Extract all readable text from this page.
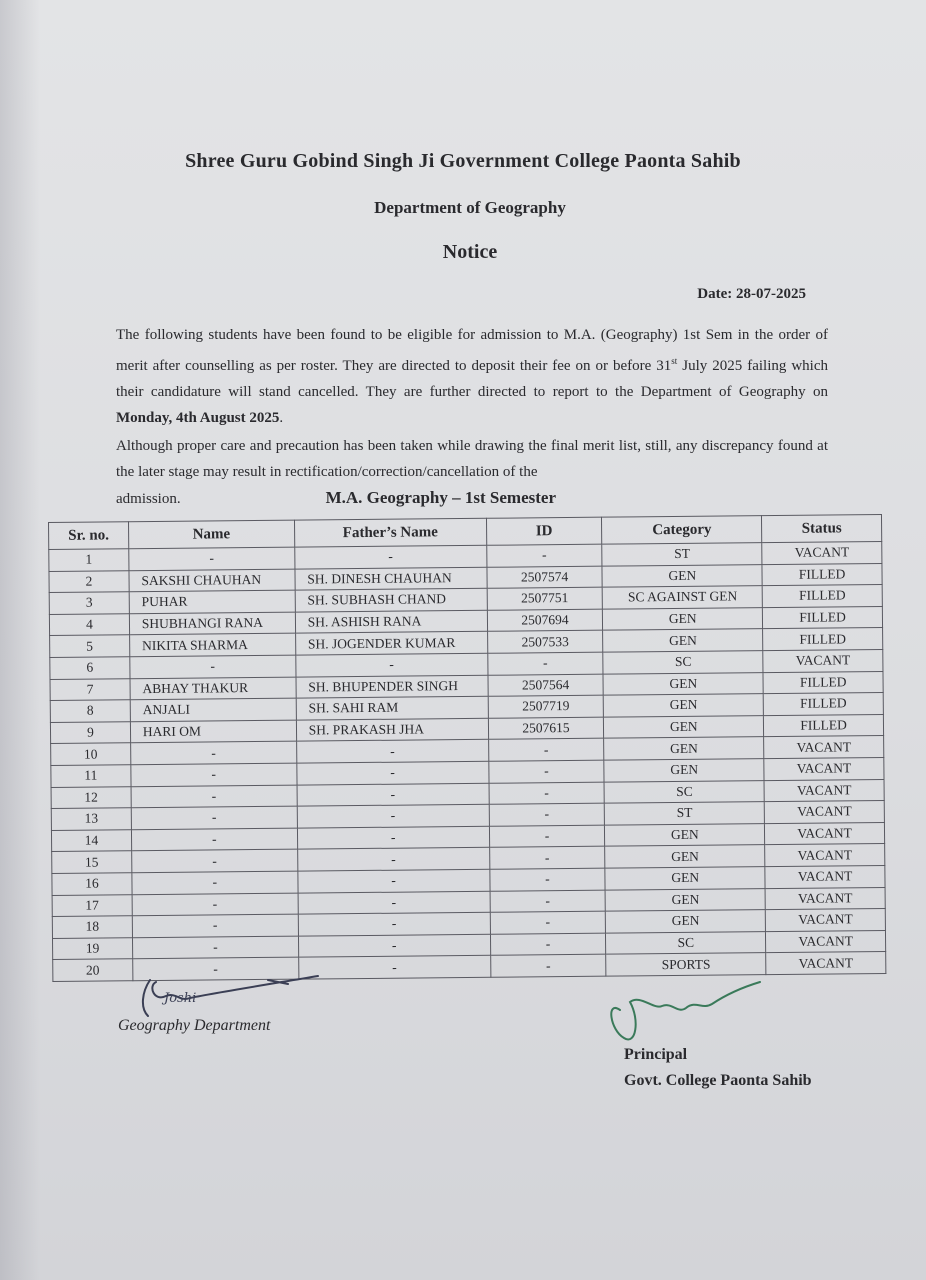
Shree Guru Gobind Singh Ji Government College Paonta Sahib
Department of Geography
Notice
Date: 28-07-2025
The following students have been found to be eligible for admission to M.A. (Geography) 1st Sem in the order of merit after counselling as per roster. They are directed to deposit their fee on or before 31st July 2025 failing which their candidature will stand cancelled. They are further directed to report to the Department of Geography on Monday, 4th August 2025.
Although proper care and precaution has been taken while drawing the final merit list, still, any discrepancy found at the later stage may result in rectification/correction/cancellation of the
admission.	M.A. Geography – 1st Semester
Sr. no.	Name	Father’s Name	ID	Category	Status
1	-	-	-	ST	VACANT
2	SAKSHI CHAUHAN	SH. DINESH CHAUHAN	2507574	GEN	FILLED
3	PUHAR	SH. SUBHASH CHAND	2507751	SC AGAINST GEN	FILLED
4	SHUBHANGI RANA	SH. ASHISH RANA	2507694	GEN	FILLED
5	NIKITA SHARMA	SH. JOGENDER KUMAR	2507533	GEN	FILLED
6	-	-	-	SC	VACANT
7	ABHAY THAKUR	SH. BHUPENDER SINGH	2507564	GEN	FILLED
8	ANJALI	SH. SAHI RAM	2507719	GEN	FILLED
9	HARI OM	SH. PRAKASH JHA	2507615	GEN	FILLED
10	-	-	-	GEN	VACANT
11	-	-	-	GEN	VACANT
12	-	-	-	SC	VACANT
13	-	-	-	ST	VACANT
14	-	-	-	GEN	VACANT
15	-	-	-	GEN	VACANT
16	-	-	-	GEN	VACANT
17	-	-	-	GEN	VACANT
18	-	-	-	GEN	VACANT
19	-	-	-	SC	VACANT
20	-	-	-	SPORTS	VACANT
Joshi
Geography Department
Principal
Govt. College Paonta Sahib
